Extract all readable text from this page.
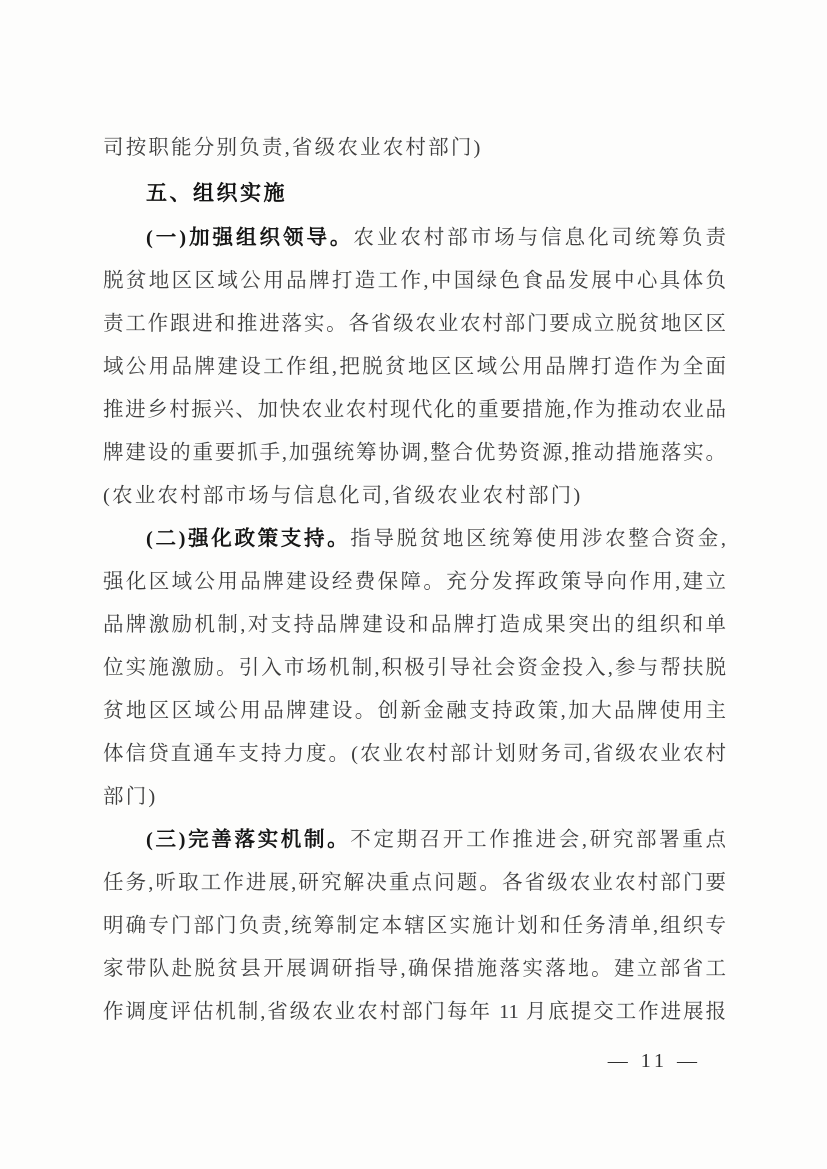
司按职能分别负责,省级农业农村部门)
五、组织实施
(一)加强组织领导。农业农村部市场与信息化司统筹负责
脱贫地区区域公用品牌打造工作,中国绿色食品发展中心具体负
责工作跟进和推进落实。各省级农业农村部门要成立脱贫地区区
域公用品牌建设工作组,把脱贫地区区域公用品牌打造作为全面
推进乡村振兴、加快农业农村现代化的重要措施,作为推动农业品
牌建设的重要抓手,加强统筹协调,整合优势资源,推动措施落实。
(农业农村部市场与信息化司,省级农业农村部门)
(二)强化政策支持。指导脱贫地区统筹使用涉农整合资金,
强化区域公用品牌建设经费保障。充分发挥政策导向作用,建立
品牌激励机制,对支持品牌建设和品牌打造成果突出的组织和单
位实施激励。引入市场机制,积极引导社会资金投入,参与帮扶脱
贫地区区域公用品牌建设。创新金融支持政策,加大品牌使用主
体信贷直通车支持力度。(农业农村部计划财务司,省级农业农村
部门)
(三)完善落实机制。不定期召开工作推进会,研究部署重点
任务,听取工作进展,研究解决重点问题。各省级农业农村部门要
明确专门部门负责,统筹制定本辖区实施计划和任务清单,组织专
家带队赴脱贫县开展调研指导,确保措施落实落地。建立部省工
作调度评估机制,省级农业农村部门每年 11 月底提交工作进展报
— 11 —
